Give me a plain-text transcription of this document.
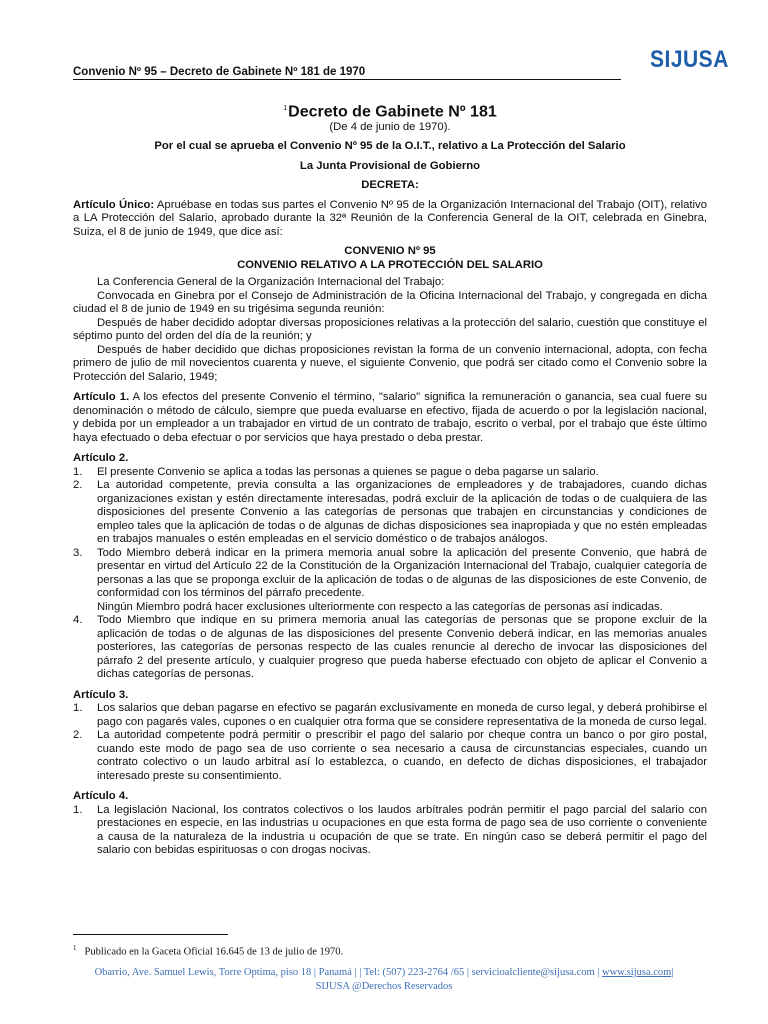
SIJUSA
Convenio Nº 95 – Decreto de Gabinete Nº 181 de 1970
$^1$Decreto de Gabinete Nº 181
(De 4 de junio de 1970).
Por el cual se aprueba el Convenio Nº 95 de la O.I.T., relativo a La Protección del Salario
La Junta Provisional de Gobierno
DECRETA:

Artículo Único: Apruébase en todas sus partes el Convenio Nº 95 de la Organización Internacional del Trabajo (OIT), relativo a LA Protección del Salario, aprobado durante la 32ª Reunión de la Conferencia General de la OIT, celebrada en Ginebra, Suiza, el 8 de junio de 1949, que dice así:

CONVENIO Nº 95
CONVENIO RELATIVO A LA PROTECCIÓN DEL SALARIO

La Conferencia General de la Organización Internacional del Trabajo:

Convocada en Ginebra por el Consejo de Administración de la Oficina Internacional del Trabajo, y congregada en dicha ciudad el 8 de junio de 1949 en su trigésima segunda reunión:

Después de haber decidido adoptar diversas proposiciones relativas a la protección del salario, cuestión que constituye el séptimo punto del orden del día de la reunión; y

Después de haber decidido que dichas proposiciones revistan la forma de un convenio internacional, adopta, con fecha primero de julio de mil novecientos cuarenta y nueve, el siguiente Convenio, que podrá ser citado como el Convenio sobre la Protección del Salario, 1949;

Artículo 1. A los efectos del presente Convenio el término, "salario" significa la remuneración o ganancia, sea cual fuere su denominación o método de cálculo, siempre que pueda evaluarse en efectivo, fijada de acuerdo o por la legislación nacional, y debida por un empleador a un trabajador en virtud de un contrato de trabajo, escrito o verbal, por el trabajo que éste último haya efectuado o deba efectuar o por servicios que haya prestado o deba prestar.

Artículo 2.
1. El presente Convenio se aplica a todas las personas a quienes se pague o deba pagarse un salario.
2. La autoridad competente, previa consulta a las organizaciones de empleadores y de trabajadores, cuando dichas organizaciones existan y estén directamente interesadas, podrá excluir de la aplicación de todas o de cualquiera de las disposiciones del presente Convenio a las categorías de personas que trabajen en circunstancias y condiciones de empleo tales que la aplicación de todas o de algunas de dichas disposiciones sea inapropiada y que no estén empleadas en trabajos manuales o estén empleadas en el servicio doméstico o de trabajos análogos.
3. Todo Miembro deberá indicar en la primera memoria anual sobre la aplicación del presente Convenio, que habrá de presentar en virtud del Artículo 22 de la Constitución de la Organización Internacional del Trabajo, cualquier categoría de personas a las que se proponga excluir de la aplicación de todas o de algunas de las disposiciones de este Convenio, de conformidad con los términos del párrafo precedente.
Ningún Miembro podrá hacer exclusiones ulteriormente con respecto a las categorías de personas así indicadas.
4. Todo Miembro que indique en su primera memoria anual las categorías de personas que se propone excluir de la aplicación de todas o de algunas de las disposiciones del presente Convenio deberá indicar, en las memorias anuales posteriores, las categorías de personas respecto de las cuales renuncie al derecho de invocar las disposiciones del párrafo 2 del presente artículo, y cualquier progreso que pueda haberse efectuado con objeto de aplicar el Convenio a dichas categorías de personas.
Artículo 3.
1. Los salarios que deban pagarse en efectivo se pagarán exclusivamente en moneda de curso legal, y deberá prohibirse el pago con pagarés vales, cupones o en cualquier otra forma que se considere representativa de la moneda de curso legal.
2. La autoridad competente podrá permitir o prescribir el pago del salario por cheque contra un banco o por giro postal, cuando este modo de pago sea de uso corriente o sea necesario a causa de circunstancias especiales, cuando un contrato colectivo o un laudo arbitral así lo establezca, o cuando, en defecto de dichas disposiciones, el trabajador interesado preste su consentimiento.
Artículo 4.
1. La legislación Nacional, los contratos colectivos o los laudos arbítrales podrán permitir el pago parcial del salario con prestaciones en especie, en las industrias u ocupaciones en que esta forma de pago sea de uso corriente o conveniente a causa de la naturaleza de la industria u ocupación de que se trate. En ningún caso se deberá permitir el pago del salario con bebidas espirituosas o con drogas nocivas.
$^1$ Publicado en la Gaceta Oficial 16.645 de 13 de julio de 1970.
Obarrio, Ave. Samuel Lewis, Torre Optima, piso 18 | Panamá | | Tel: (507) 223-2764 /65 | servicioalcliente@sijusa.com | www.sijusa.com|
SIJUSA @Derechos Reservados
